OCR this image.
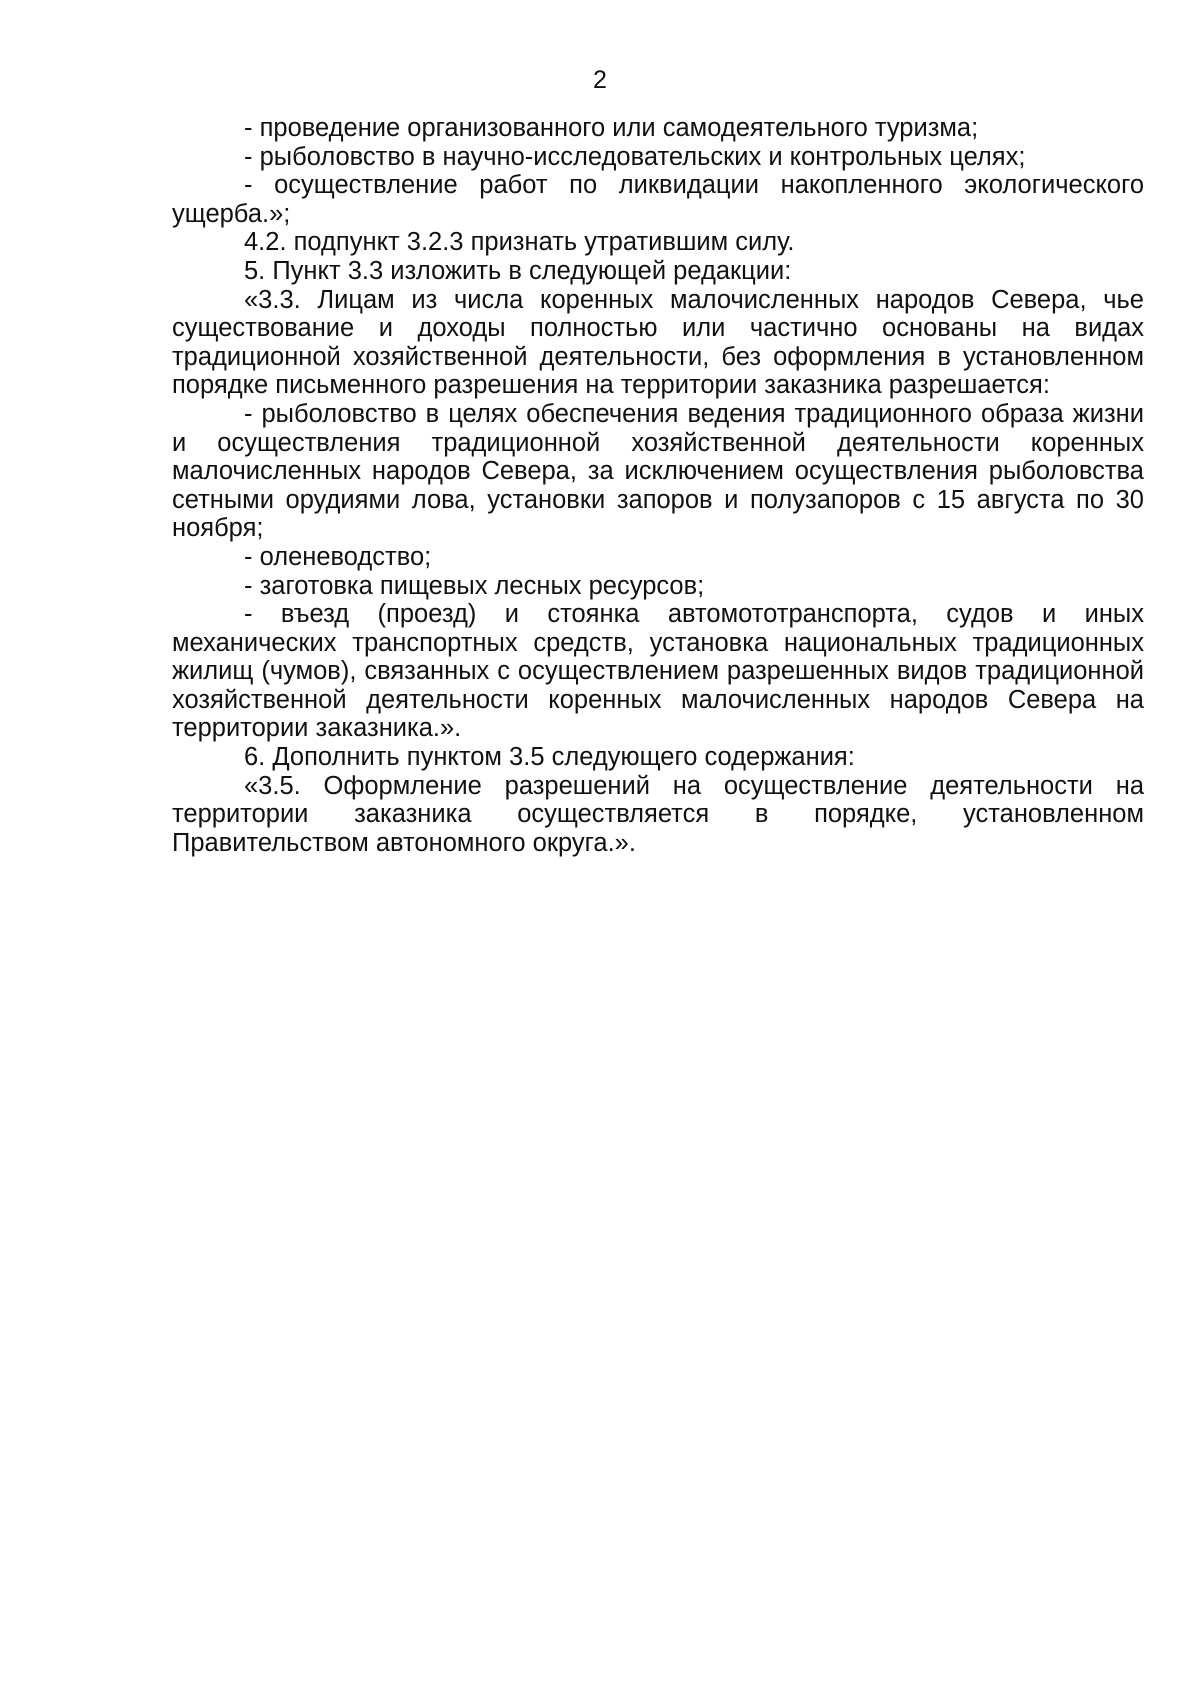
2

- проведение организованного или самодеятельного туризма;

- рыболовство в научно-исследовательских и контрольных целях;

- осуществление работ по ликвидации накопленного экологического ущерба.»;

4.2. подпункт 3.2.3 признать утратившим силу.

5. Пункт 3.3 изложить в следующей редакции:

«3.3. Лицам из числа коренных малочисленных народов Севера, чье существование и доходы полностью или частично основаны на видах традиционной хозяйственной деятельности, без оформления в установленном порядке письменного разрешения на территории заказника разрешается:

- рыболовство в целях обеспечения ведения традиционного образа жизни и осуществления традиционной хозяйственной деятельности коренных малочисленных народов Севера, за исключением осуществления рыболовства сетными орудиями лова, установки запоров и полузапоров с 15 августа по 30 ноября;

- оленеводство;

- заготовка пищевых лесных ресурсов;

- въезд (проезд) и стоянка автомототранспорта, судов и иных механических транспортных средств, установка национальных традиционных жилищ (чумов), связанных с осуществлением разрешенных видов традиционной хозяйственной деятельности коренных малочисленных народов Севера на территории заказника.».

6. Дополнить пунктом 3.5 следующего содержания:

«3.5. Оформление разрешений на осуществление деятельности на территории заказника осуществляется в порядке, установленном Правительством автономного округа.».
